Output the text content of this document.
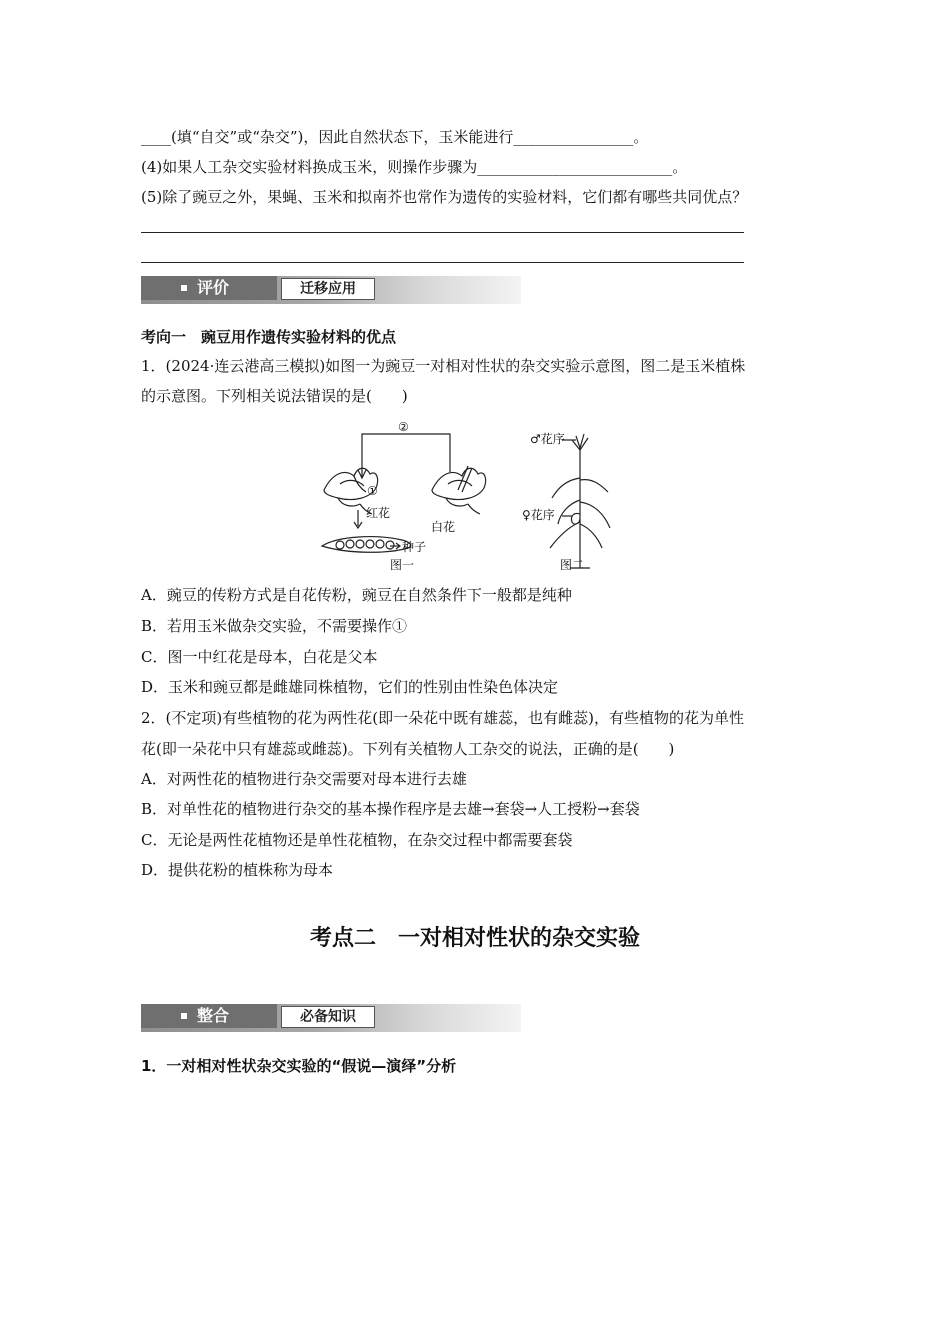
____(填“自交”或“杂交”)，因此自然状态下，玉米能进行________________。
(4)如果人工杂交实验材料换成玉米，则操作步骤为__________________________。
(5)除了豌豆之外，果蝇、玉米和拟南芥也常作为遗传的实验材料，它们都有哪些共同优点？
评价	迁移应用
考向一　豌豆用作遗传实验材料的优点
1．(2024·连云港高三模拟)如图一为豌豆一对相对性状的杂交实验示意图，图二是玉米植株
的示意图。下列相关说法错误的是(　　)
②
①
红花
白花
种子
图一
♂花序
♀花序
图二
A．豌豆的传粉方式是自花传粉，豌豆在自然条件下一般都是纯种
B．若用玉米做杂交实验，不需要操作①
C．图一中红花是母本，白花是父本
D．玉米和豌豆都是雌雄同株植物，它们的性别由性染色体决定
2．(不定项)有些植物的花为两性花(即一朵花中既有雄蕊，也有雌蕊)，有些植物的花为单性
花(即一朵花中只有雄蕊或雌蕊)。下列有关植物人工杂交的说法，正确的是(　　)
A．对两性花的植物进行杂交需要对母本进行去雄
B．对单性花的植物进行杂交的基本操作程序是去雄→套袋→人工授粉→套袋
C．无论是两性花植物还是单性花植物，在杂交过程中都需要套袋
D．提供花粉的植株称为母本
考点二　一对相对性状的杂交实验
整合	必备知识
1．一对相对性状杂交实验的“假说—演绎”分析
